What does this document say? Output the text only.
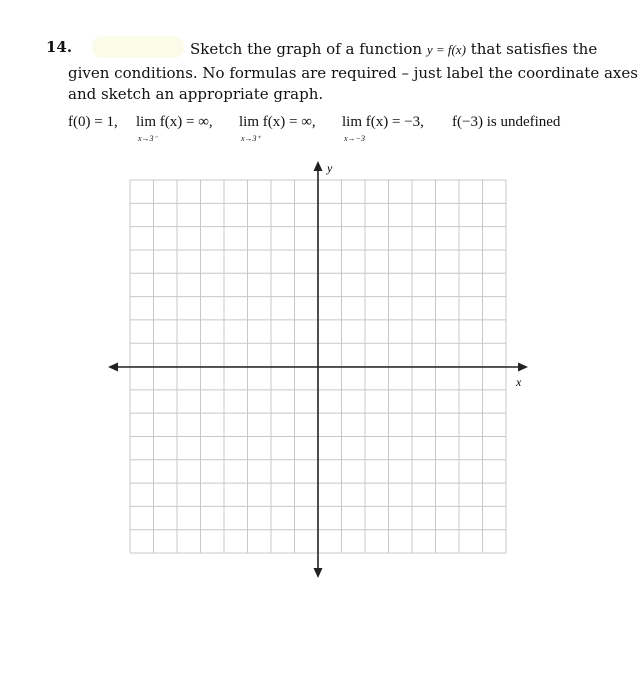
14.	Sketch the graph of a function y = f(x) that satisfies the
given conditions. No formulas are required – just label the coordinate axes
and sketch an appropriate graph.
f(0) = 1, lim f(x) = ∞,
x→3⁻
lim f(x) = ∞,
x→3⁺
lim f(x) = −3,
x→−3
f(−3) is undefined
y
x
